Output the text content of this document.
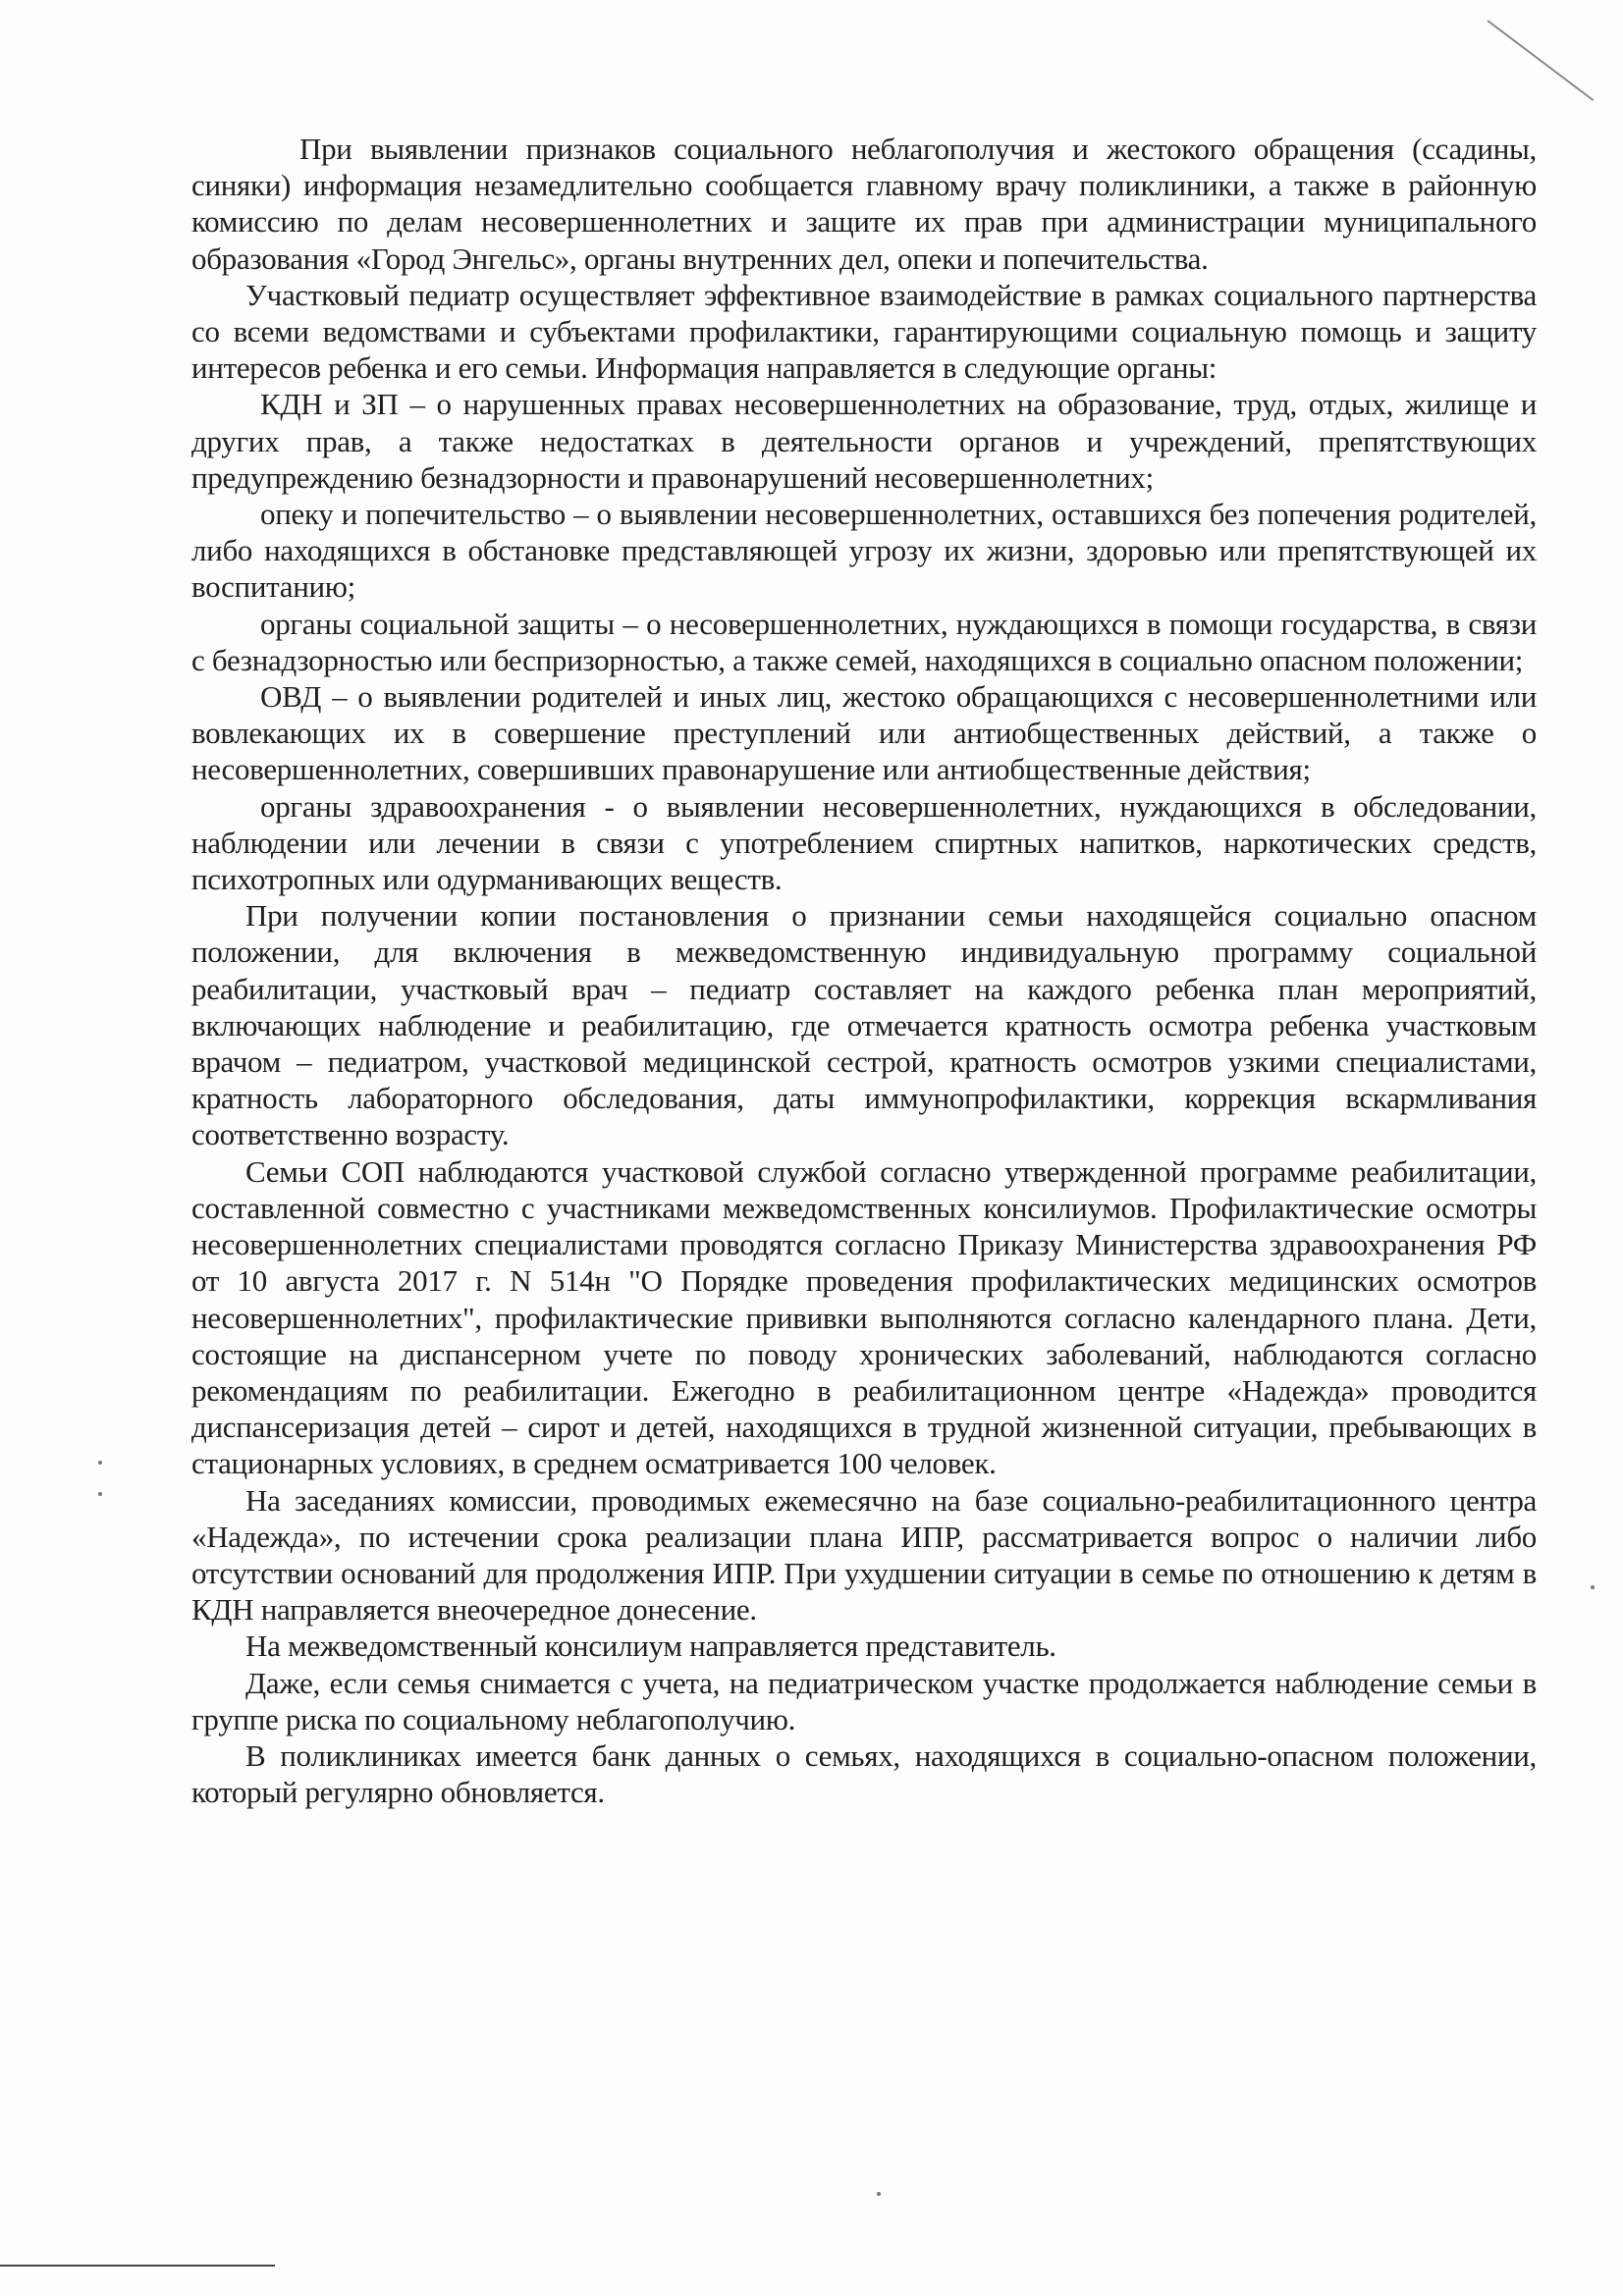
При выявлении признаков социального неблагополучия и жестокого обращения (ссадины, синяки) информация незамедлительно сообщается главному врачу поликлиники, а также в районную комиссию по делам несовершеннолетних и защите их прав при администрации муниципального образования «Город Энгельс», органы внутренних дел, опеки и попечительства.

Участковый педиатр осуществляет эффективное взаимодействие в рамках социального партнерства со всеми ведомствами и субъектами профилактики, гарантирующими социальную помощь и защиту интересов ребенка и его семьи. Информация направляется в следующие органы:

КДН и ЗП – о нарушенных правах несовершеннолетних на образование, труд, отдых, жилище и других прав, а также недостатках в деятельности органов и учреждений, препятствующих предупреждению безнадзорности и правонарушений несовершеннолетних;

опеку и попечительство – о выявлении несовершеннолетних, оставшихся без попечения родителей, либо находящихся в обстановке представляющей угрозу их жизни, здоровью или препятствующей их воспитанию;

органы социальной защиты – о несовершеннолетних, нуждающихся в помощи государства, в связи с безнадзорностью или беспризорностью, а также семей, находящихся в социально опасном положении;

ОВД – о выявлении родителей и иных лиц, жестоко обращающихся с несовершеннолетними или вовлекающих их в совершение преступлений или антиобщественных действий, а также о несовершеннолетних, совершивших правонарушение или антиобщественные действия;

органы здравоохранения - о выявлении несовершеннолетних, нуждающихся в обследовании, наблюдении или лечении в связи с употреблением спиртных напитков, наркотических средств, психотропных или одурманивающих веществ.

При получении копии постановления о признании семьи находящейся социально опасном положении, для включения в межведомственную индивидуальную программу социальной реабилитации, участковый врач – педиатр составляет на каждого ребенка план мероприятий, включающих наблюдение и реабилитацию, где отмечается кратность осмотра ребенка участковым врачом – педиатром, участковой медицинской сестрой, кратность осмотров узкими специалистами, кратность лабораторного обследования, даты иммунопрофилактики, коррекция вскармливания соответственно возрасту.

Семьи СОП наблюдаются участковой службой согласно утвержденной программе реабилитации, составленной совместно с участниками межведомственных консилиумов. Профилактические осмотры несовершеннолетних специалистами проводятся согласно Приказу Министерства здравоохранения РФ от 10 августа 2017 г. N 514н "О Порядке проведения профилактических медицинских осмотров несовершеннолетних", профилактические прививки выполняются согласно календарного плана. Дети, состоящие на диспансерном учете по поводу хронических заболеваний, наблюдаются согласно рекомендациям по реабилитации. Ежегодно в реабилитационном центре «Надежда» проводится диспансеризация детей – сирот и детей, находящихся в трудной жизненной ситуации, пребывающих в стационарных условиях, в среднем осматривается 100 человек.

На заседаниях комиссии, проводимых ежемесячно на базе социально-реабилитационного центра «Надежда», по истечении срока реализации плана ИПР, рассматривается вопрос о наличии либо отсутствии оснований для продолжения ИПР. При ухудшении ситуации в семье по отношению к детям в КДН направляется внеочередное донесение.

На межведомственный консилиум направляется представитель.

Даже, если семья снимается с учета, на педиатрическом участке продолжается наблюдение семьи в группе риска по социальному неблагополучию.

В поликлиниках имеется банк данных о семьях, находящихся в социально-опасном положении, который регулярно обновляется.
